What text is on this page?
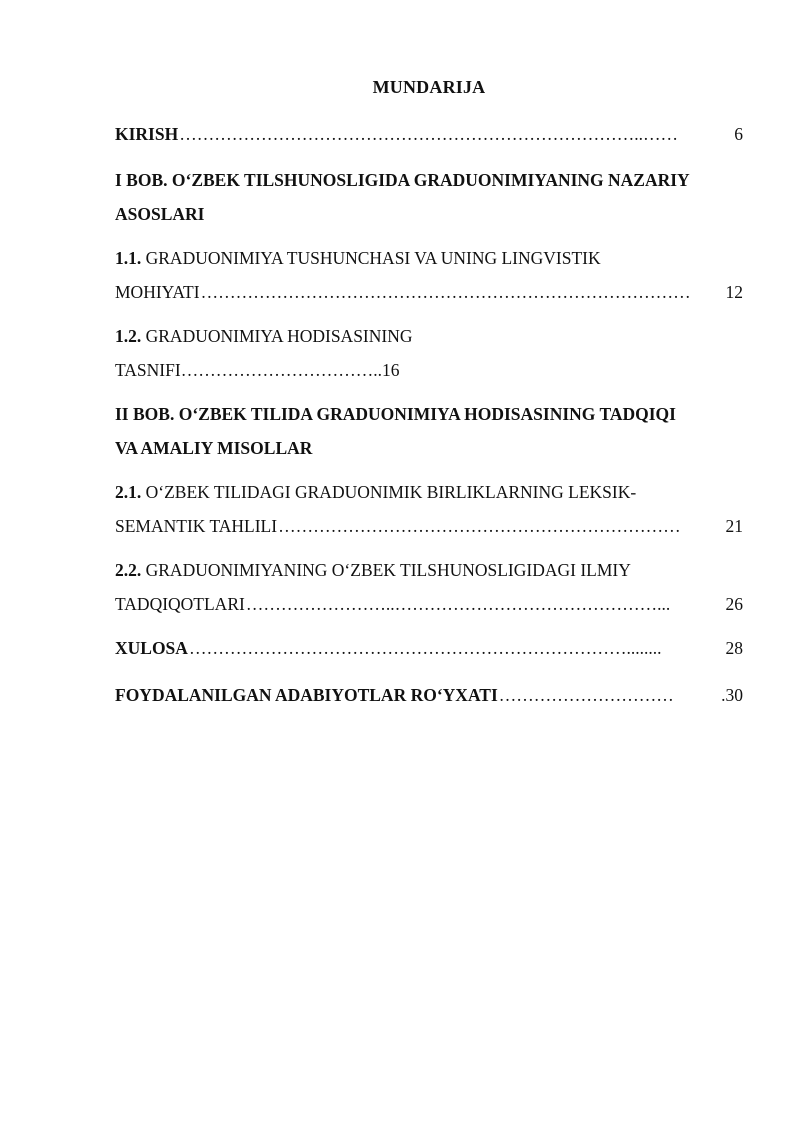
MUNDARIJA
KIRISH ……………………………………………………………………..……	6
I BOB. O‘ZBEK TILSHUNOSLIGIDA GRADUONIMIYANING NAZARIY
ASOSLARI
1.1. GRADUONIMIYA TUSHUNCHASI VA UNING LINGVISTIK
MOHIYATI …………………………………………………………………………	12
1.2. GRADUONIMIYA HODISASINING
TASNIFI……………………………..16
II BOB. O‘ZBEK TILIDA GRADUONIMIYA HODISASINING TADQIQI
VA AMALIY MISOLLAR
2.1. O‘ZBEK TILIDAGI GRADUONIMIK BIRLIKLARNING LEKSIK-
SEMANTIK TAHLILI ……………………………………………………………	21
2.2. GRADUONIMIYANING O‘ZBEK TILSHUNOSLIGIDAGI ILMIY
TADQIQOTLARI ……………………..………………………………………...	26
XULOSA …………………………………………………………………........	28
FOYDALANILGAN ADABIYOTLAR RO‘YXATI …………………………	.30
